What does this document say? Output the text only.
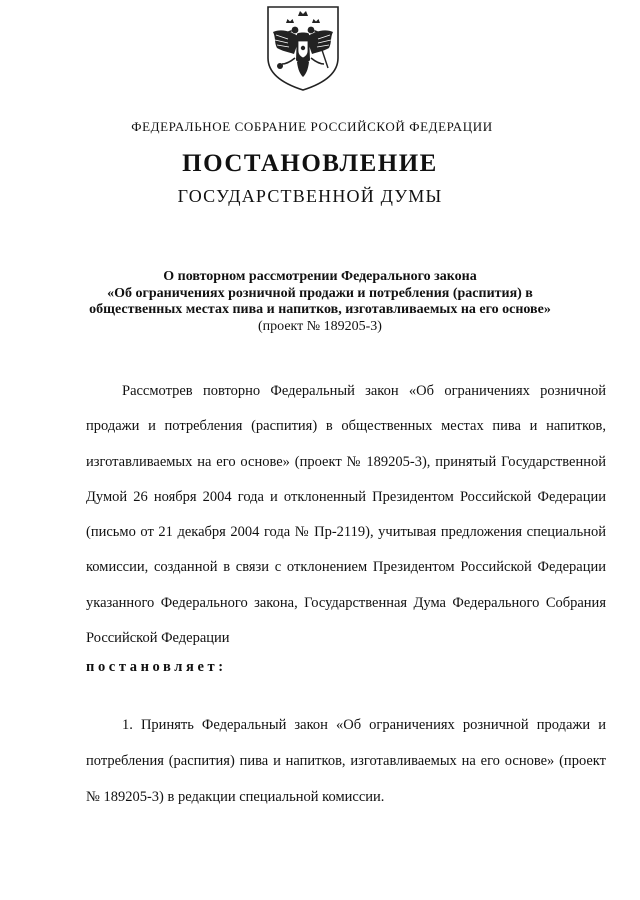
ФЕДЕРАЛЬНОЕ СОБРАНИЕ РОССИЙСКОЙ ФЕДЕРАЦИИ
ПОСТАНОВЛЕНИЕ
ГОСУДАРСТВЕННОЙ ДУМЫ
О повторном рассмотрении Федерального закона
«Об ограничениях розничной продажи и потребления (распития) в
общественных местах пива и напитков, изготавливаемых на его основе»
(проект № 189205-3)
Рассмотрев повторно Федеральный закон «Об ограничениях розничной продажи и потребления (распития) в общественных местах пива и напитков, изготавливаемых на его основе» (проект № 189205-3), принятый Государственной Думой 26 ноября 2004 года и отклоненный Президентом Российской Федерации (письмо от 21 декабря 2004 года № Пр-2119), учитывая предложения специальной комиссии, созданной в связи с отклонением Президентом Российской Федерации указанного Федерального закона, Государственная Дума Федерального Собрания Российской Федерации
постановляет:
1. Принять Федеральный закон «Об ограничениях розничной продажи и потребления (распития) пива и напитков, изготавливаемых на его основе» (проект № 189205-3) в редакции специальной комиссии.
